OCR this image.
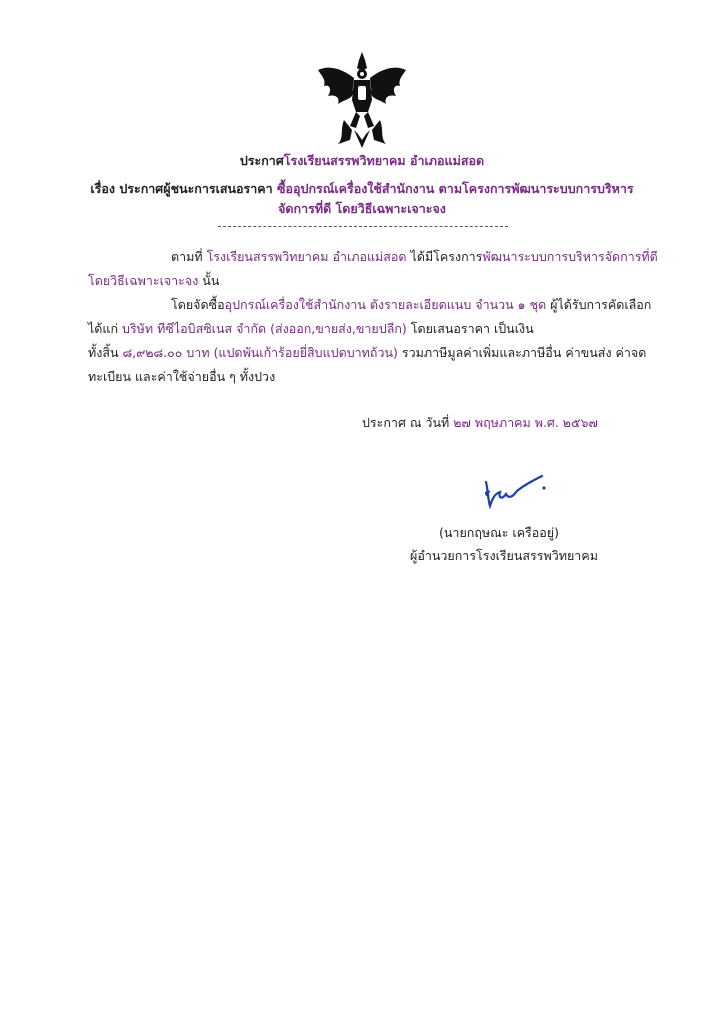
ประกาศโรงเรียนสรรพวิทยาคม อำเภอแม่สอด
เรื่อง ประกาศผู้ชนะการเสนอราคา ซื้ออุปกรณ์เครื่องใช้สำนักงาน ตามโครงการพัฒนาระบบการบริหาร
จัดการที่ดี โดยวิธีเฉพาะเจาะจง
ตามที่ โรงเรียนสรรพวิทยาคม อำเภอแม่สอด ได้มีโครงการพัฒนาระบบการบริหารจัดการที่ดี
โดยวิธีเฉพาะเจาะจง นั้น
โดยจัดซื้ออุปกรณ์เครื่องใช้สำนักงาน ตังรายละเอียดแนบ จำนวน ๑ ชุด ผู้ได้รับการคัดเลือก
ได้แก่ บริษัท ทีซีไอบิสซิเนส จำกัด (ส่งออก,ขายส่ง,ขายปลีก) โดยเสนอราคา เป็นเงิน
ทั้งสิ้น ๘,๙๒๘.๐๐ บาท (แปดพันเก้าร้อยยี่สิบแปดบาทถ้วน) รวมภาษีมูลค่าเพิ่มและภาษีอื่น ค่าขนส่ง ค่าจด
ทะเบียน และค่าใช้จ่ายอื่น ๆ ทั้งปวง
ประกาศ ณ วันที่ ๒๗ พฤษภาคม พ.ศ. ๒๕๖๗
(นายกฤษณะ เครืออยู่)
ผู้อำนวยการโรงเรียนสรรพวิทยาคม
